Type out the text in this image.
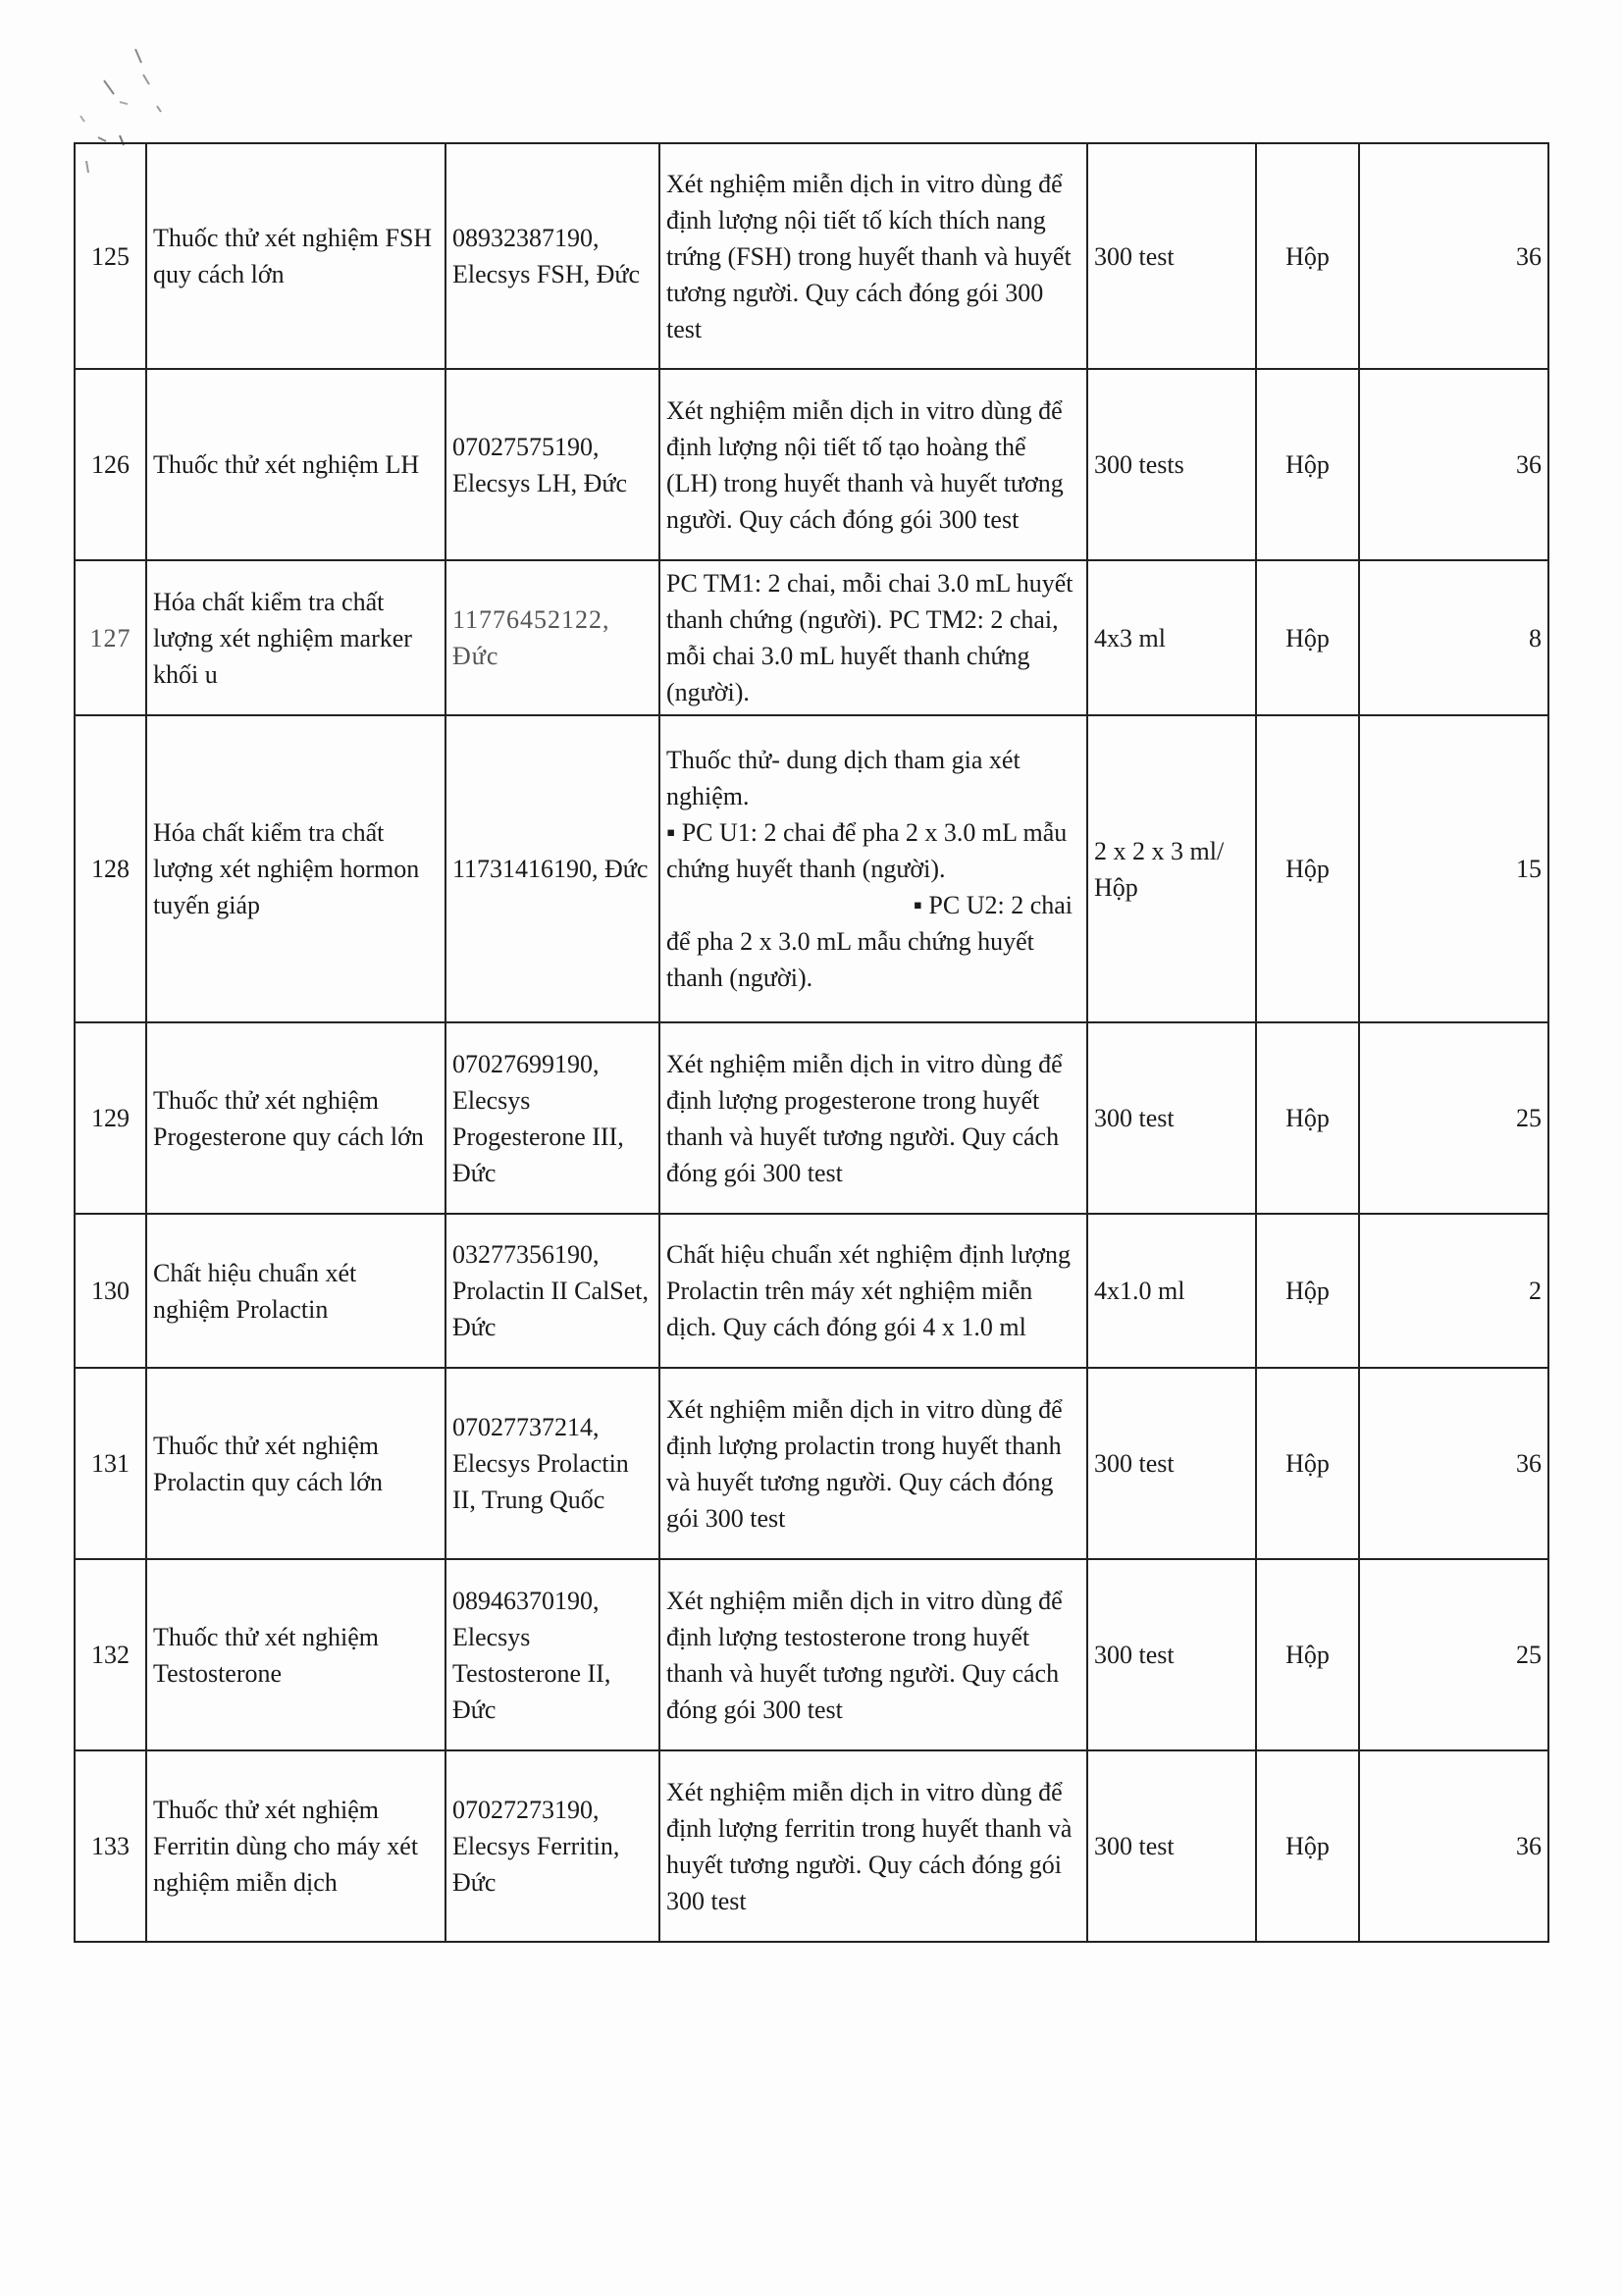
125	Thuốc thử xét nghiệm FSH quy cách lớn	08932387190, Elecsys FSH, Đức	Xét nghiệm miễn dịch in vitro dùng để định lượng nội tiết tố kích thích nang trứng (FSH) trong huyết thanh và huyết tương người. Quy cách đóng gói 300 test	300 test	Hộp	36
126	Thuốc thử xét nghiệm LH	07027575190, Elecsys LH, Đức	Xét nghiệm miễn dịch in vitro dùng để định lượng nội tiết tố tạo hoàng thể (LH) trong huyết thanh và huyết tương người. Quy cách đóng gói 300 test	300 tests	Hộp	36
127	Hóa chất kiểm tra chất lượng xét nghiệm marker khối u	11776452122, Đức	PC TM1: 2 chai, mỗi chai 3.0 mL huyết thanh chứng (người). PC TM2: 2 chai, mỗi chai 3.0 mL huyết thanh chứng (người).	4x3 ml	Hộp	8
128	Hóa chất kiểm tra chất lượng xét nghiệm hormon tuyến giáp	11731416190, Đức	Thuốc thử- dung dịch tham gia xét nghiệm.
▪ PC U1: 2 chai để pha 2 x 3.0 mL mẫu chứng huyết thanh (người).
▪ PC U2: 2 chai
để pha 2 x 3.0 mL mẫu chứng huyết thanh (người).	2 x 2 x 3 ml/ Hộp	Hộp	15
129	Thuốc thử xét nghiệm Progesterone quy cách lớn	07027699190, Elecsys Progesterone III, Đức	Xét nghiệm miễn dịch in vitro dùng để định lượng progesterone trong huyết thanh và huyết tương người. Quy cách đóng gói 300 test	300 test	Hộp	25
130	Chất hiệu chuẩn xét nghiệm Prolactin	03277356190, Prolactin II CalSet, Đức	Chất hiệu chuẩn xét nghiệm định lượng Prolactin trên máy xét nghiệm miễn dịch. Quy cách đóng gói 4 x 1.0 ml	4x1.0 ml	Hộp	2
131	Thuốc thử xét nghiệm Prolactin quy cách lớn	07027737214, Elecsys Prolactin II, Trung Quốc	Xét nghiệm miễn dịch in vitro dùng để định lượng prolactin trong huyết thanh và huyết tương người. Quy cách đóng gói 300 test	300 test	Hộp	36
132	Thuốc thử xét nghiệm Testosterone	08946370190, Elecsys Testosterone II, Đức	Xét nghiệm miễn dịch in vitro dùng để định lượng testosterone trong huyết thanh và huyết tương người. Quy cách đóng gói 300 test	300 test	Hộp	25
133	Thuốc thử xét nghiệm Ferritin dùng cho máy xét nghiệm miễn dịch	07027273190, Elecsys Ferritin, Đức	Xét nghiệm miễn dịch in vitro dùng để định lượng ferritin trong huyết thanh và huyết tương người. Quy cách đóng gói 300 test	300 test	Hộp	36
